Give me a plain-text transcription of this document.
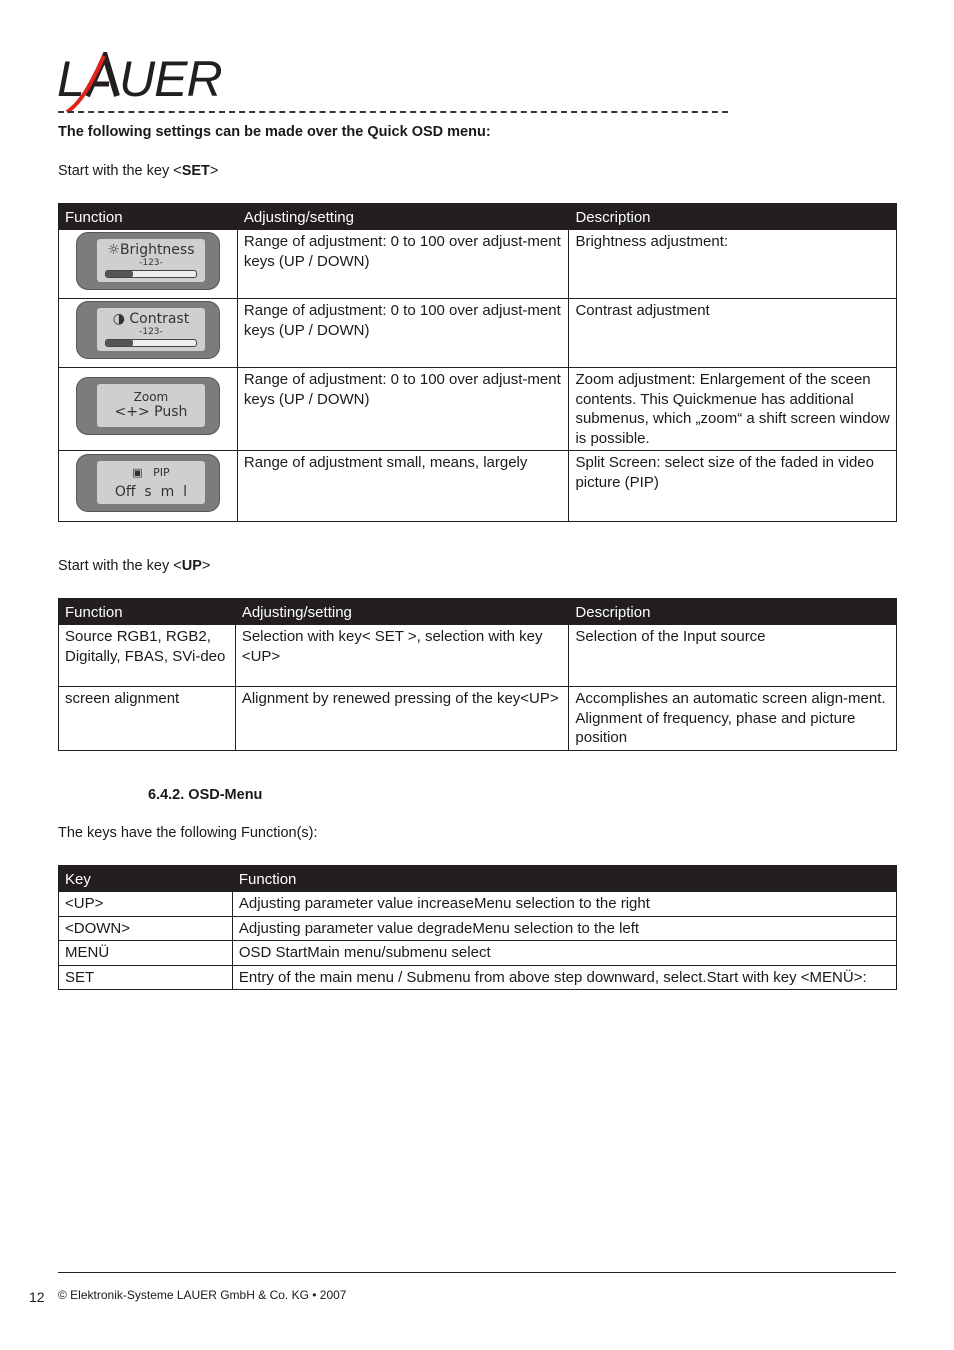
L UER
The following settings can be made over the Quick OSD menu:
Start with the key <SET>
Function	Adjusting/setting	Description

☼Brightness
-123-	Range of adjustment: 0 to 100 over adjust-ment keys (UP / DOWN)	Brightness adjustment:

◑ Contrast
-123-	Range of adjustment: 0 to 100 over adjust-ment keys (UP / DOWN)	Contrast adjustment

Zoom
<+> Push	Range of adjustment: 0 to 100 over adjust-ment keys (UP / DOWN)	Zoom adjustment: Enlargement of the sceen contents. This Quickmenue has additional submenus, which „zoom“ a shift screen window is possible.

▣ PIP
Off  s  m  l	Range of adjustment small, means, largely	Split Screen: select size of the faded in video picture (PIP)
Start with the key <UP>
Function	Adjusting/setting	Description
Source RGB1, RGB2, Digitally, FBAS, SVi-deo	Selection with key< SET >, selection with key <UP>	Selection of the Input source
screen alignment	Alignment by renewed pressing of the key<UP>	Accomplishes an automatic screen align-ment. Alignment of frequency, phase and picture position
6.4.2. OSD-Menu
The keys have the following Function(s):
Key	Function
<UP>	Adjusting parameter value increaseMenu selection to the right
<DOWN>	Adjusting parameter value degradeMenu selection to the left
MENÜ	OSD StartMain menu/submenu select
SET	Entry of the main menu / Submenu from above step downward, select.Start with key <MENÜ>:
12 © Elektronik-Systeme LAUER GmbH & Co. KG • 2007
